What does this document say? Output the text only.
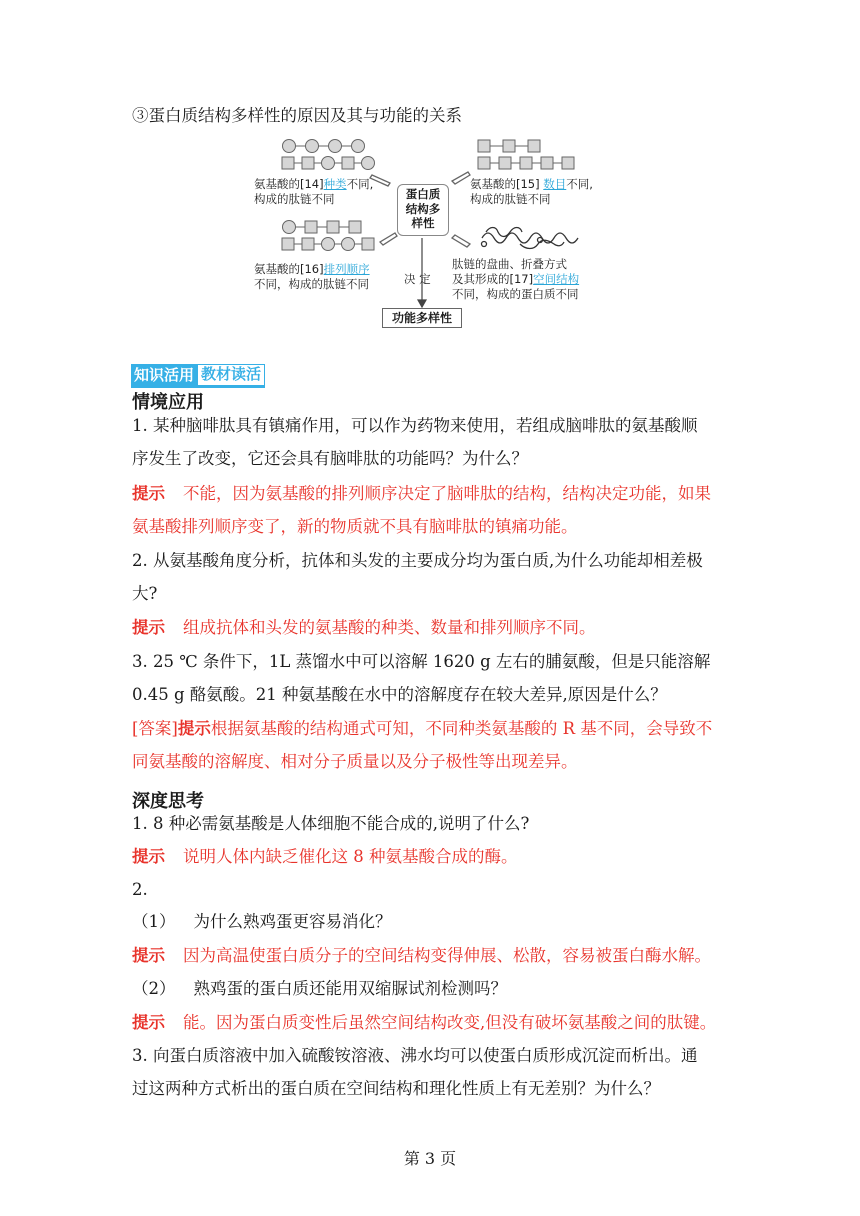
③蛋白质结构多样性的原因及其与功能的关系
蛋白质
结构多
样性
氨基酸的[14]种类不同,
构成的肽链不同
氨基酸的[15] 数目不同,
构成的肽链不同
氨基酸的[16]排列顺序
不同，构成的肽链不同
肽链的盘曲、折叠方式
及其形成的[17]空间结构
不同，构成的蛋白质不同
决 定
功能多样性
知识活用 教材读活
情境应用
1. 某种脑啡肽具有镇痛作用，可以作为药物来使用，若组成脑啡肽的氨基酸顺
序发生了改变，它还会具有脑啡肽的功能吗？为什么？
提示 不能，因为氨基酸的排列顺序决定了脑啡肽的结构，结构决定功能，如果
氨基酸排列顺序变了，新的物质就不具有脑啡肽的镇痛功能。
2. 从氨基酸角度分析，抗体和头发的主要成分均为蛋白质,为什么功能却相差极
大?
提示 组成抗体和头发的氨基酸的种类、数量和排列顺序不同。
3. 25 ℃ 条件下，1L 蒸馏水中可以溶解 1620 g 左右的脯氨酸，但是只能溶解
0.45 g 酪氨酸。21 种氨基酸在水中的溶解度存在较大差异,原因是什么？
[答案]提示根据氨基酸的结构通式可知，不同种类氨基酸的 R 基不同，会导致不
同氨基酸的溶解度、相对分子质量以及分子极性等出现差异。
深度思考
1. 8 种必需氨基酸是人体细胞不能合成的,说明了什么?
提示 说明人体内缺乏催化这 8 种氨基酸合成的酶。
2.
（1） 为什么熟鸡蛋更容易消化？
提示 因为高温使蛋白质分子的空间结构变得伸展、松散，容易被蛋白酶水解。
（2） 熟鸡蛋的蛋白质还能用双缩脲试剂检测吗？
提示 能。因为蛋白质变性后虽然空间结构改变,但没有破坏氨基酸之间的肽键。
3. 向蛋白质溶液中加入硫酸铵溶液、沸水均可以使蛋白质形成沉淀而析出。通
过这两种方式析出的蛋白质在空间结构和理化性质上有无差别？为什么？
第 3 页
